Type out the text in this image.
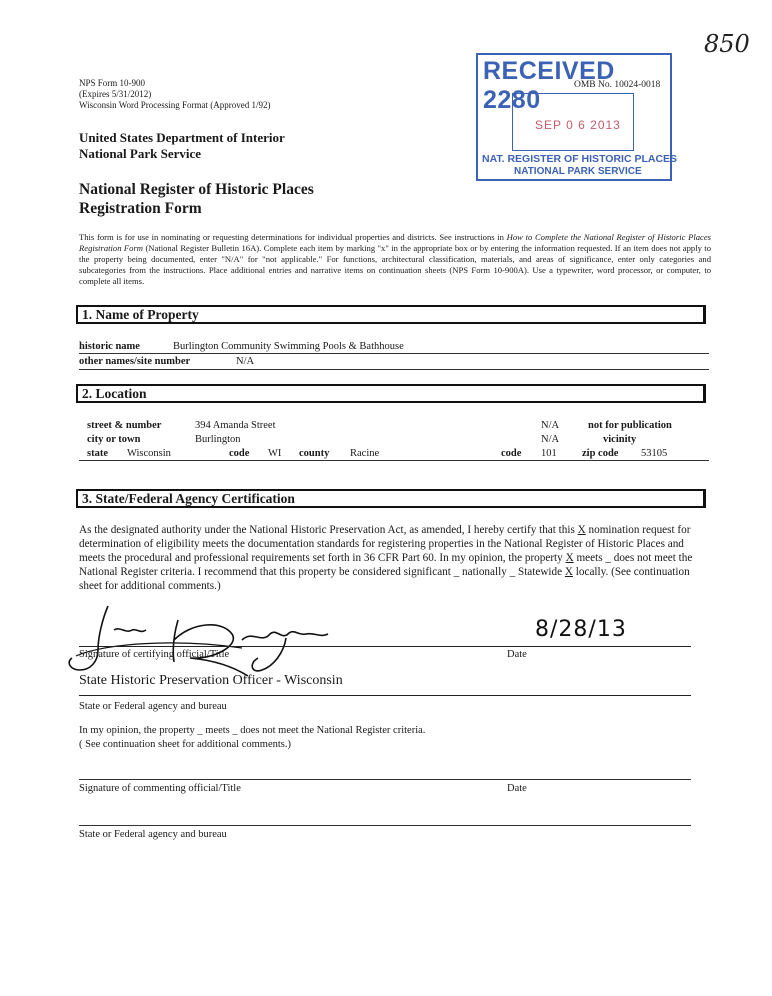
850
NPS Form 10-900
(Expires 5/31/2012)
Wisconsin Word Processing Format (Approved 1/92)
RECEIVED 2280
OMB No. 10024-0018
SEP 0 6 2013
NAT. REGISTER OF HISTORIC PLACES
NATIONAL PARK SERVICE
United States Department of Interior
National Park Service
National Register of Historic Places
Registration Form
This form is for use in nominating or requesting determinations for individual properties and districts. See instructions in How to Complete the National Register of Historic Places Registration Form (National Register Bulletin 16A). Complete each item by marking "x" in the appropriate box or by entering the information requested. If an item does not apply to the property being documented, enter "N/A" for "not applicable." For functions, architectural classification, materials, and areas of significance, enter only categories and subcategories from the instructions. Place additional entries and narrative items on continuation sheets (NPS Form 10-900A). Use a typewriter, word processor, or computer, to complete all items.
1. Name of Property
historic name	Burlington Community Swimming Pools & Bathhouse
other names/site number	N/A
2. Location
street & number	394 Amanda Street	N/A	not for publication
city or town	Burlington	N/A	vicinity
state Wisconsin	code WI county Racine	code 101 zip code 53105
3. State/Federal Agency Certification
As the designated authority under the National Historic Preservation Act, as amended, I hereby certify that this X nomination request for determination of eligibility meets the documentation standards for registering properties in the National Register of Historic Places and meets the procedural and professional requirements set forth in 36 CFR Part 60. In my opinion, the property X meets _ does not meet the National Register criteria. I recommend that this property be considered significant _ nationally _ Statewide X locally. (See continuation sheet for additional comments.)
Signature of certifying official/Title	Date
8/28/13
State Historic Preservation Officer - Wisconsin
State or Federal agency and bureau
In my opinion, the property _ meets _ does not meet the National Register criteria.
( See continuation sheet for additional comments.)
Signature of commenting official/Title	Date
State or Federal agency and bureau
